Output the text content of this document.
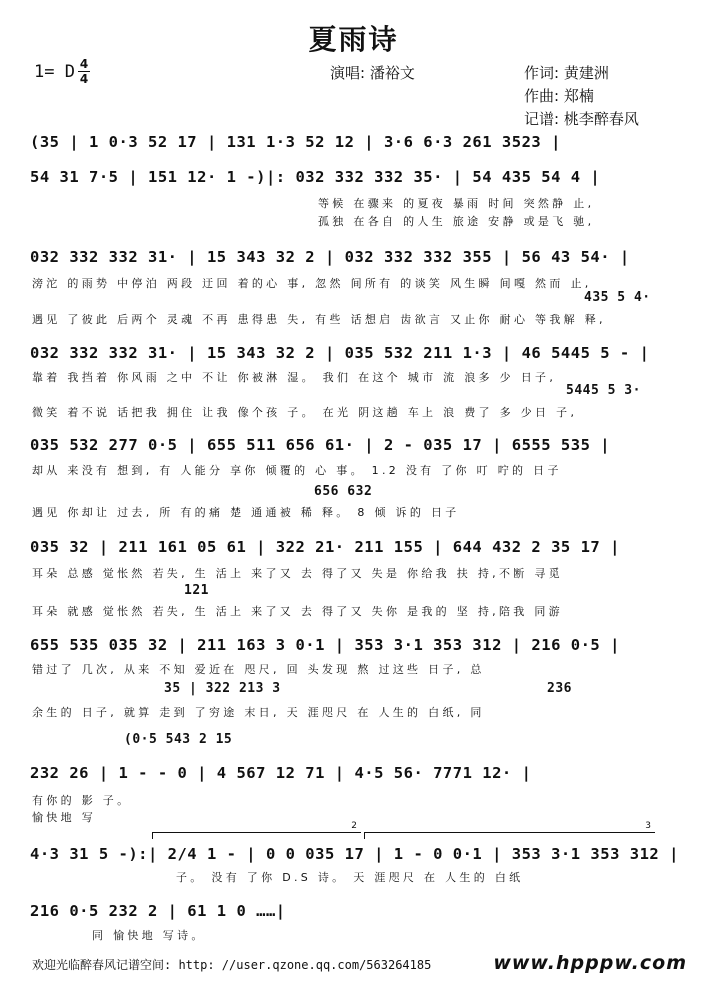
夏雨诗
1= D 4
4	演唱: 潘裕文	作词: 黄建洲
作曲: 郑楠
记谱: 桃李醉春风
(35 | 1 0·3 52 17 | 131 1·3 52 12 | 3·6 6·3 261 3523 |
54 31 7·5 | 151 12· 1 -)|: 032 332 332 35· | 54 435 54 4 |
等候 在骤来 的夏夜 暴雨 时间 突然静 止,
孤独 在各自 的人生 旅途 安静 或是飞 驰,
032 332 332 31· | 15 343 32 2 | 032 332 332 355 | 56 43 54· |
滂沱 的雨势 中停泊 两段 迂回 着的心 事, 忽然 间所有 的谈笑 风生瞬 间嘎 然而 止,
435 5 4·
遇见 了彼此 后两个 灵魂 不再 患得患 失, 有些 话想启 齿欲言 又止你 耐心 等我解 释,
032 332 332 31· | 15 343 32 2 | 035 532 211 1·3 | 46 5445 5 - |
靠着 我挡着 你风雨 之中 不让 你被淋 湿。 我们 在这个 城市 流 浪多 少 日子,
5445 5 3·
微笑 着不说 话把我 拥住 让我 像个孩 子。 在光 阴这趟 车上 浪 费了 多 少日 子,
035 532 277 0·5 | 655 511 656 61· | 2 - 035 17 | 6555 535 |
却从 来没有 想到, 有 人能分 享你 倾覆的 心 事。 1.2 没有 了你 叮 咛的 日子
656 632
遇见 你却让 过去, 所 有的痛 楚 通通被 稀 释。 8 倾 诉的 日子
035 32 | 211 161 05 61 | 322 21· 211 155 | 644 432 2 35 17 |
耳朵 总感 觉怅然 若失, 生 活上 来了又 去 得了又 失是 你给我 扶 持,不断 寻觅
121
耳朵 就感 觉怅然 若失, 生 活上 来了又 去 得了又 失你 是我的 坚 持,陪我 同游
655 535 035 32 | 211 163 3 0·1 | 353 3·1 353 312 | 216 0·5 |
错过了 几次, 从来 不知 爱近在 咫尺, 回 头发现 熬 过这些 日子, 总
35 | 322 213 3                                236
余生的 日子, 就算 走到 了穷途 末日, 天 涯咫尺 在 人生的 白纸, 同
(0·5 543 2 15
232 26 | 1 - - 0 | 4 567 12 71 | 4·5 56· 7771 12· |
有你的 影 子。
愉快地 写
2	3
4·3 31 5 -):| 2/4 1 - | 0 0 035 17 | 1 - 0 0·1 | 353 3·1 353 312 |
子。 没有 了你 D.S 诗。 天 涯咫尺 在 人生的 白纸
216 0·5 232 2 | 61 1 0 ……|
同 愉快地 写诗。
欢迎光临醉春风记谱空间: http: //user.qzone.qq.com/563264185	www.hpppw.com
